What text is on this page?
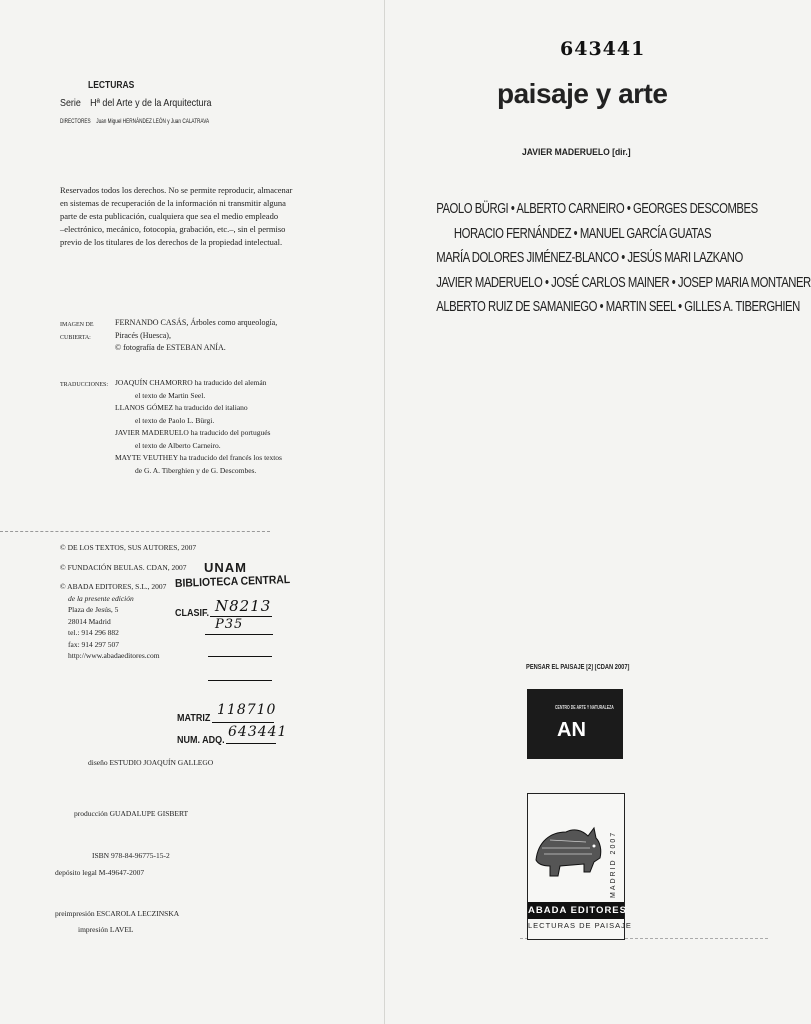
LECTURAS
Serie Hª del Arte y de la Arquitectura
DIRECTORES Juan Miguel HERNÁNDEZ LEÓN y Juan CALATRAVA
Reservados todos los derechos. No se permite reproducir, almacenar
en sistemas de recuperación de la información ni transmitir alguna
parte de esta publicación, cualquiera que sea el medio empleado
–electrónico, mecánico, fotocopia, grabación, etc.–, sin el permiso
previo de los titulares de los derechos de la propiedad intelectual.
IMAGEN DE CUBIERTA:
FERNANDO CASÁS, Árboles como arqueología,
Piracés (Huesca),
© fotografía de ESTEBAN ANÍA.
TRADUCCIONES: JOAQUÍN CHAMORRO ha traducido del alemán
el texto de Martin Seel.
LLANOS GÓMEZ ha traducido del italiano
el texto de Paolo L. Bürgi.
JAVIER MADERUELO ha traducido del portugués
el texto de Alberto Carneiro.
MAYTE VEUTHEY ha traducido del francés los textos
de G. A. Tiberghien y de G. Descombes.
© DE LOS TEXTOS, SUS AUTORES, 2007
© FUNDACIÓN BEULAS. CDAN, 2007
© ABADA EDITORES, S.L., 2007
de la presente edición
Plaza de Jesús, 5
28014 Madrid
tel.: 914 296 882
fax: 914 297 507
http://www.abadaeditores.com
UNAM
BIBLIOTECA CENTRAL
CLASIF. N8213
P35
MATRIZ
118710
NUM. ADQ.
643441
diseño ESTUDIO JOAQUÍN GALLEGO
producción GUADALUPE GISBERT
ISBN 978-84-96775-15-2
depósito legal M-49647-2007
preimpresión ESCAROLA LECZINSKA
impresión LAVEL
643441
paisaje y arte
JAVIER MADERUELO [dir.]
PAOLO BÜRGI • ALBERTO CARNEIRO • GEORGES DESCOMBES
HORACIO FERNÁNDEZ • MANUEL GARCÍA GUATAS
MARÍA DOLORES JIMÉNEZ-BLANCO • JESÚS MARI LAZKANO
JAVIER MADERUELO • JOSÉ CARLOS MAINER • JOSEP MARIA MONTANER
ALBERTO RUIZ DE SAMANIEGO • MARTIN SEEL • GILLES A. TIBERGHIEN
PENSAR EL PAISAJE [2] [CDAN 2007]
CENTRO DE ARTE Y NATURALEZA
AN
MADRID 2007
ABADA EDITORES
LECTURAS DE PAISAJE
